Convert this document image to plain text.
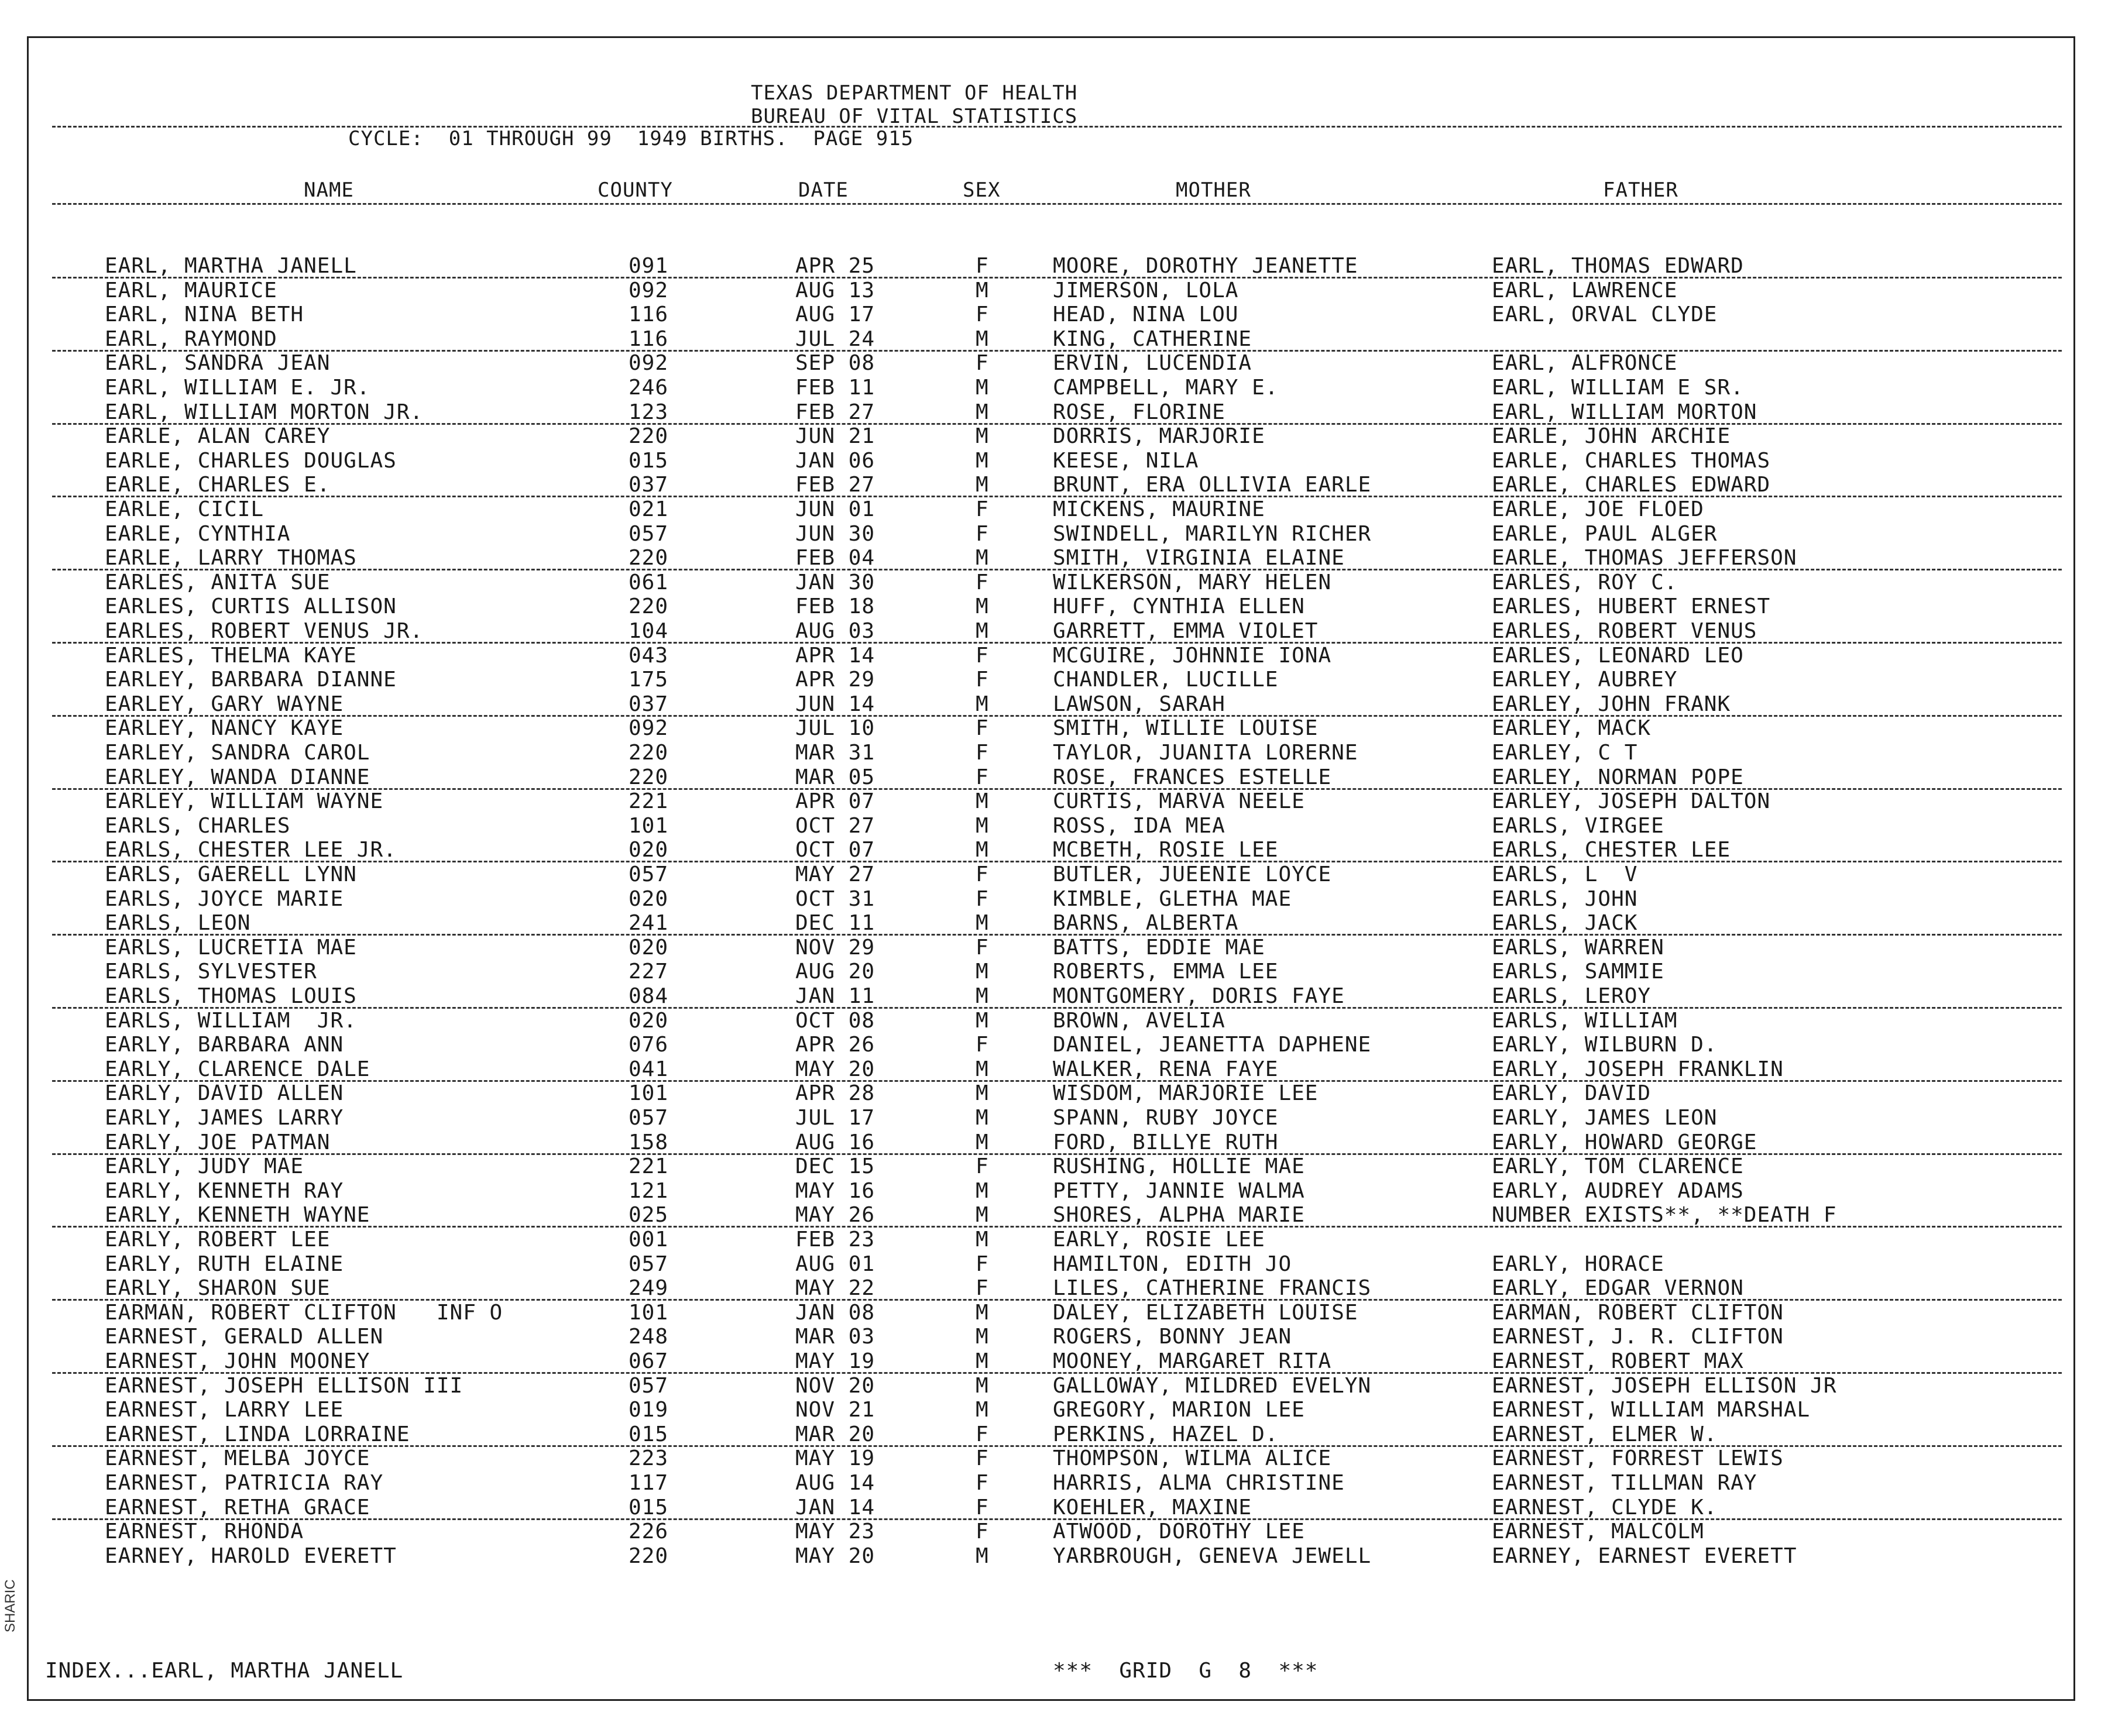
SHARIC
TEXAS DEPARTMENT OF HEALTH
BUREAU OF VITAL STATISTICS
CYCLE:  01 THROUGH 99  1949 BIRTHS.  PAGE 915
NAME	COUNTY	DATE	SEX	MOTHER	FATHER
EARL, MARTHA JANELL	091	APR 25	F	MOORE, DOROTHY JEANETTE	EARL, THOMAS EDWARD
EARL, MAURICE	092	AUG 13	M	JIMERSON, LOLA	EARL, LAWRENCE
EARL, NINA BETH	116	AUG 17	F	HEAD, NINA LOU	EARL, ORVAL CLYDE
EARL, RAYMOND	116	JUL 24	M	KING, CATHERINE
EARL, SANDRA JEAN	092	SEP 08	F	ERVIN, LUCENDIA	EARL, ALFRONCE
EARL, WILLIAM E. JR.	246	FEB 11	M	CAMPBELL, MARY E.	EARL, WILLIAM E SR.
EARL, WILLIAM MORTON JR.	123	FEB 27	M	ROSE, FLORINE	EARL, WILLIAM MORTON
EARLE, ALAN CAREY	220	JUN 21	M	DORRIS, MARJORIE	EARLE, JOHN ARCHIE
EARLE, CHARLES DOUGLAS	015	JAN 06	M	KEESE, NILA	EARLE, CHARLES THOMAS
EARLE, CHARLES E.	037	FEB 27	M	BRUNT, ERA OLLIVIA EARLE	EARLE, CHARLES EDWARD
EARLE, CICIL	021	JUN 01	F	MICKENS, MAURINE	EARLE, JOE FLOED
EARLE, CYNTHIA	057	JUN 30	F	SWINDELL, MARILYN RICHER	EARLE, PAUL ALGER
EARLE, LARRY THOMAS	220	FEB 04	M	SMITH, VIRGINIA ELAINE	EARLE, THOMAS JEFFERSON
EARLES, ANITA SUE	061	JAN 30	F	WILKERSON, MARY HELEN	EARLES, ROY C.
EARLES, CURTIS ALLISON	220	FEB 18	M	HUFF, CYNTHIA ELLEN	EARLES, HUBERT ERNEST
EARLES, ROBERT VENUS JR.	104	AUG 03	M	GARRETT, EMMA VIOLET	EARLES, ROBERT VENUS
EARLES, THELMA KAYE	043	APR 14	F	MCGUIRE, JOHNNIE IONA	EARLES, LEONARD LEO
EARLEY, BARBARA DIANNE	175	APR 29	F	CHANDLER, LUCILLE	EARLEY, AUBREY
EARLEY, GARY WAYNE	037	JUN 14	M	LAWSON, SARAH	EARLEY, JOHN FRANK
EARLEY, NANCY KAYE	092	JUL 10	F	SMITH, WILLIE LOUISE	EARLEY, MACK
EARLEY, SANDRA CAROL	220	MAR 31	F	TAYLOR, JUANITA LORERNE	EARLEY, C T
EARLEY, WANDA DIANNE	220	MAR 05	F	ROSE, FRANCES ESTELLE	EARLEY, NORMAN POPE
EARLEY, WILLIAM WAYNE	221	APR 07	M	CURTIS, MARVA NEELE	EARLEY, JOSEPH DALTON
EARLS, CHARLES	101	OCT 27	M	ROSS, IDA MEA	EARLS, VIRGEE
EARLS, CHESTER LEE JR.	020	OCT 07	M	MCBETH, ROSIE LEE	EARLS, CHESTER LEE
EARLS, GAERELL LYNN	057	MAY 27	F	BUTLER, JUEENIE LOYCE	EARLS, L  V
EARLS, JOYCE MARIE	020	OCT 31	F	KIMBLE, GLETHA MAE	EARLS, JOHN
EARLS, LEON	241	DEC 11	M	BARNS, ALBERTA	EARLS, JACK
EARLS, LUCRETIA MAE	020	NOV 29	F	BATTS, EDDIE MAE	EARLS, WARREN
EARLS, SYLVESTER	227	AUG 20	M	ROBERTS, EMMA LEE	EARLS, SAMMIE
EARLS, THOMAS LOUIS	084	JAN 11	M	MONTGOMERY, DORIS FAYE	EARLS, LEROY
EARLS, WILLIAM  JR.	020	OCT 08	M	BROWN, AVELIA	EARLS, WILLIAM
EARLY, BARBARA ANN	076	APR 26	F	DANIEL, JEANETTA DAPHENE	EARLY, WILBURN D.
EARLY, CLARENCE DALE	041	MAY 20	M	WALKER, RENA FAYE	EARLY, JOSEPH FRANKLIN
EARLY, DAVID ALLEN	101	APR 28	M	WISDOM, MARJORIE LEE	EARLY, DAVID
EARLY, JAMES LARRY	057	JUL 17	M	SPANN, RUBY JOYCE	EARLY, JAMES LEON
EARLY, JOE PATMAN	158	AUG 16	M	FORD, BILLYE RUTH	EARLY, HOWARD GEORGE
EARLY, JUDY MAE	221	DEC 15	F	RUSHING, HOLLIE MAE	EARLY, TOM CLARENCE
EARLY, KENNETH RAY	121	MAY 16	M	PETTY, JANNIE WALMA	EARLY, AUDREY ADAMS
EARLY, KENNETH WAYNE	025	MAY 26	M	SHORES, ALPHA MARIE	NUMBER EXISTS**, **DEATH F
EARLY, ROBERT LEE	001	FEB 23	M	EARLY, ROSIE LEE
EARLY, RUTH ELAINE	057	AUG 01	F	HAMILTON, EDITH JO	EARLY, HORACE
EARLY, SHARON SUE	249	MAY 22	F	LILES, CATHERINE FRANCIS	EARLY, EDGAR VERNON
EARMAN, ROBERT CLIFTON   INF O	101	JAN 08	M	DALEY, ELIZABETH LOUISE	EARMAN, ROBERT CLIFTON
EARNEST, GERALD ALLEN	248	MAR 03	M	ROGERS, BONNY JEAN	EARNEST, J. R. CLIFTON
EARNEST, JOHN MOONEY	067	MAY 19	M	MOONEY, MARGARET RITA	EARNEST, ROBERT MAX
EARNEST, JOSEPH ELLISON III	057	NOV 20	M	GALLOWAY, MILDRED EVELYN	EARNEST, JOSEPH ELLISON JR
EARNEST, LARRY LEE	019	NOV 21	M	GREGORY, MARION LEE	EARNEST, WILLIAM MARSHAL
EARNEST, LINDA LORRAINE	015	MAR 20	F	PERKINS, HAZEL D.	EARNEST, ELMER W.
EARNEST, MELBA JOYCE	223	MAY 19	F	THOMPSON, WILMA ALICE	EARNEST, FORREST LEWIS
EARNEST, PATRICIA RAY	117	AUG 14	F	HARRIS, ALMA CHRISTINE	EARNEST, TILLMAN RAY
EARNEST, RETHA GRACE	015	JAN 14	F	KOEHLER, MAXINE	EARNEST, CLYDE K.
EARNEST, RHONDA	226	MAY 23	F	ATWOOD, DOROTHY LEE	EARNEST, MALCOLM
EARNEY, HAROLD EVERETT	220	MAY 20	M	YARBROUGH, GENEVA JEWELL	EARNEY, EARNEST EVERETT
INDEX...EARL, MARTHA JANELL	***  GRID  G  8  ***
